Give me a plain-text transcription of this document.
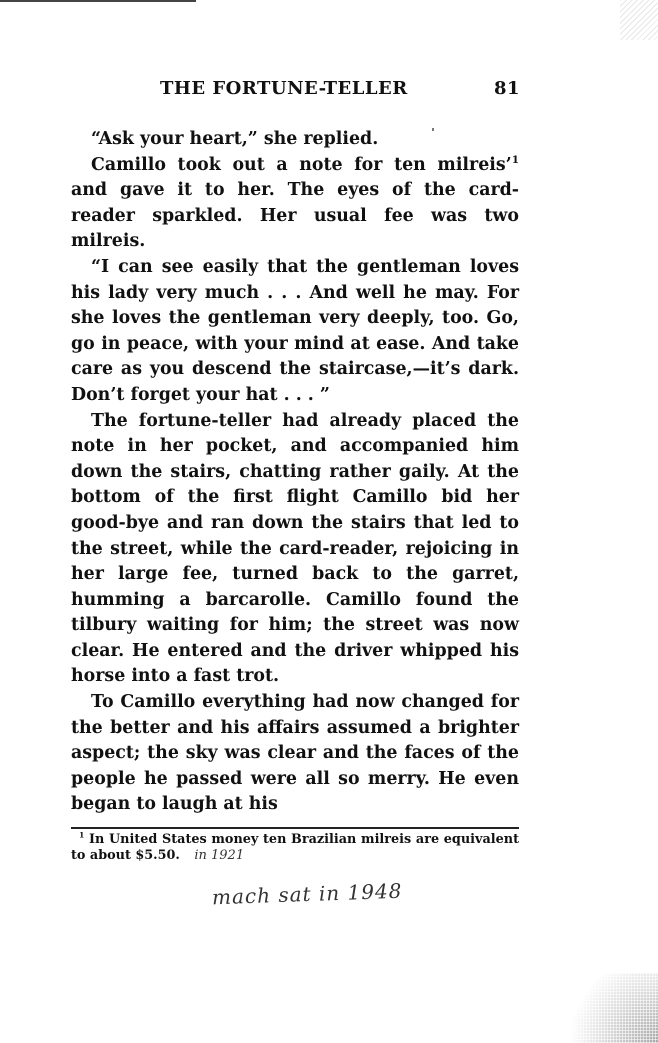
THE FORTUNE-TELLER	81

“Ask your heart,” she replied.

Camillo took out a note for ten milreis’$^1$ and gave it to her. The eyes of the card-reader sparkled. Her usual fee was two milreis.

“I can see easily that the gentleman loves his lady very much . . . And well he may. For she loves the gentleman very deeply, too. Go, go in peace, with your mind at ease. And take care as you descend the staircase,—it’s dark. Don’t forget your hat . . . ”

The fortune-teller had already placed the note in her pocket, and accompanied him down the stairs, chatting rather gaily. At the bottom of the first flight Camillo bid her good-bye and ran down the stairs that led to the street, while the card-reader, rejoicing in her large fee, turned back to the garret, humming a barcarolle. Camillo found the tilbury waiting for him; the street was now clear. He entered and the driver whipped his horse into a fast trot.

To Camillo everything had now changed for the better and his affairs assumed a brighter aspect; the sky was clear and the faces of the people he passed were all so merry. He even began to laugh at his

$^1$ In United States money ten Brazilian milreis are equivalent to about $5.50. in 1921
mach sat in 1948
